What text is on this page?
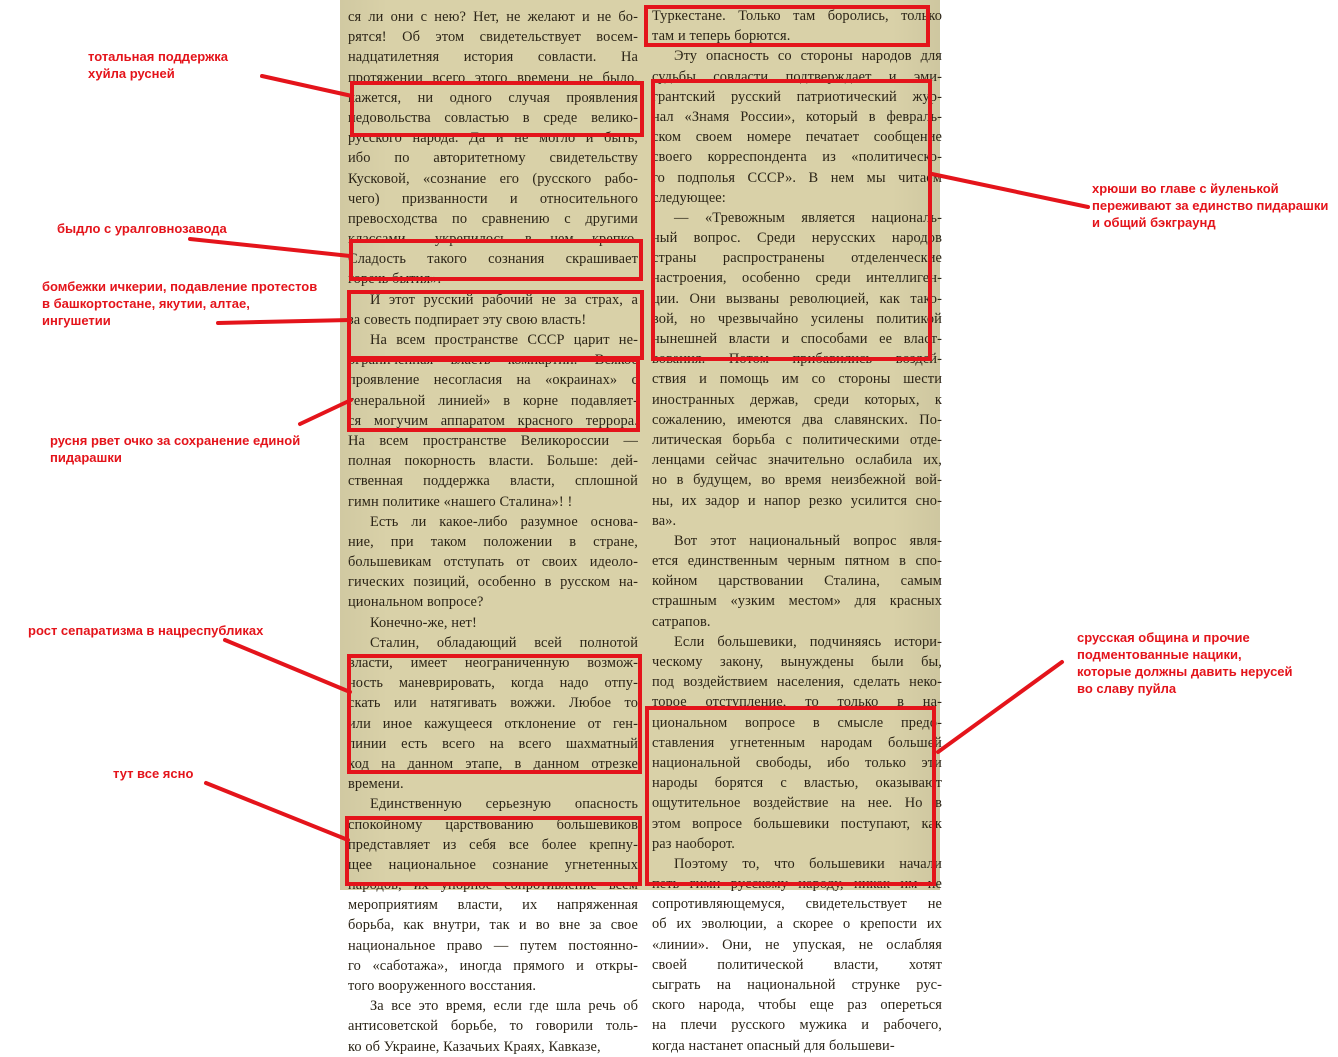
ся ли они с нею? Нет, не желают и не бо-
рятся! Об этом свидетельствует восем-
надцатилетняя история совласти. На
протяжении всего этого времени не было,
кажется, ни одного случая проявления
недовольства совластью в среде велико-
русского народа. Да и не могло и быть,
ибо по авторитетному свидетельству
Кусковой, «сознание его (русского рабо-
чего) призванности и относительного
превосходства по сравнению с другими
классами... укрепилось в нем крепко.
Сладость такого сознания скрашивает
горечь бытия».
И этот русский рабочий не за страх, а
за совесть подпирает эту свою власть!
На всем пространстве СССР царит не-
ограниченная власть компартии. Всякое
проявление несогласия на «окраинах» с
генеральной линией» в корне подавляет-
ся могучим аппаратом красного террора.
На всем пространстве Великороссии —
полная покорность власти. Больше: дей-
ственная поддержка власти, сплошной
гимн политике «нашего Сталина»! !
Есть ли какое-либо разумное основа-
ние, при таком положении в стране,
большевикам отступать от своих идеоло-
гических позиций, особенно в русском на-
циональном вопросе?
Конечно-же, нет!
Сталин, обладающий всей полнотой
власти, имеет неограниченную возмож-
ность маневрировать, когда надо отпу-
скать или натягивать вожжи. Любое то
или иное кажущееся отклонение от ген-
линии есть всего на всего шахматный
ход на данном этапе, в данном отрезке
времени.
Единственную серьезную опасность
спокойному царствованию большевиков
представляет из себя все более крепну-
щее национальное сознание угнетенных
народов, их упорное сопротивление всем
мероприятиям власти, их напряженная
борьба, как внутри, так и во вне за свое
национальное право — путем постоянно-
го «саботажа», иногда прямого и откры-
того вооруженного восстания.
За все это время, если где шла речь об
антисоветской борьбе, то говорили толь-
ко об Украине, Казачьих Краях, Кавказе,
Туркестане. Только там боролись, только
там и теперь борются.
Эту опасность со стороны народов для
судьбы совласти подтверждает и эми-
грантский русский патриотический жур-
нал «Знамя России», который в февраль-
ском своем номере печатает сообщение
своего корреспондента из «политическо-
го подполья СССР». В нем мы читаем
следующее:
— «Тревожным является националь-
ный вопрос. Среди нерусских народов
страны распространены отделенческие
настроения, особенно среди интеллиген-
ции. Они вызваны революцией, как тако-
вой, но чрезвычайно усилены политикой
нынешней власти и способами ее власт-
вования. Потом прибавились воздей-
ствия и помощь им со стороны шести
иностранных держав, среди которых, к
сожалению, имеются два славянских. По-
литическая борьба с политическими отде-
ленцами сейчас значительно ослабила их,
но в будущем, во время неизбежной вой-
ны, их задор и напор резко усилится сно-
ва».
Вот этот национальный вопрос явля-
ется единственным черным пятном в спо-
койном царствовании Сталина, самым
страшным «узким местом» для красных
сатрапов.
Если большевики, подчиняясь истори-
ческому закону, вынуждены были бы,
под воздействием населения, сделать неко-
торое отступление, то только в на-
циональном вопросе в смысле предо-
ставления угнетенным народам большей
национальной свободы, ибо только эти
народы борятся с властью, оказывают
ощутительное воздействие на нее. Но в
этом вопросе большевики поступают, как
раз наоборот.
Поэтому то, что большевики начали
петь гимн русскому народу, никак им не
сопротивляющемуся, свидетельствует не
об их эволюции, а скорее о крепости их
«линии». Они, не упуская, не ослабляя
своей политической власти, хотят
сыграть на национальной струнке рус-
ского народа, чтобы еще раз опереться
на плечи русского мужика и рабочего,
когда настанет опасный для большеви-
тотальная поддержка хуйла русней
быдло с уралговнозавода
бомбежки ичкерии, подавление протестов в башкортостане, якутии, алтае, ингушетии
русня рвет очко за сохранение единой пидарашки
рост сепаратизма в нацреспубликах
тут все ясно
хрюши во главе с йуленькой переживают за единство пидарашки и общий бэкграунд
срусская община и прочие подментованные нацики, которые должны давить нерусей во славу пуйла
